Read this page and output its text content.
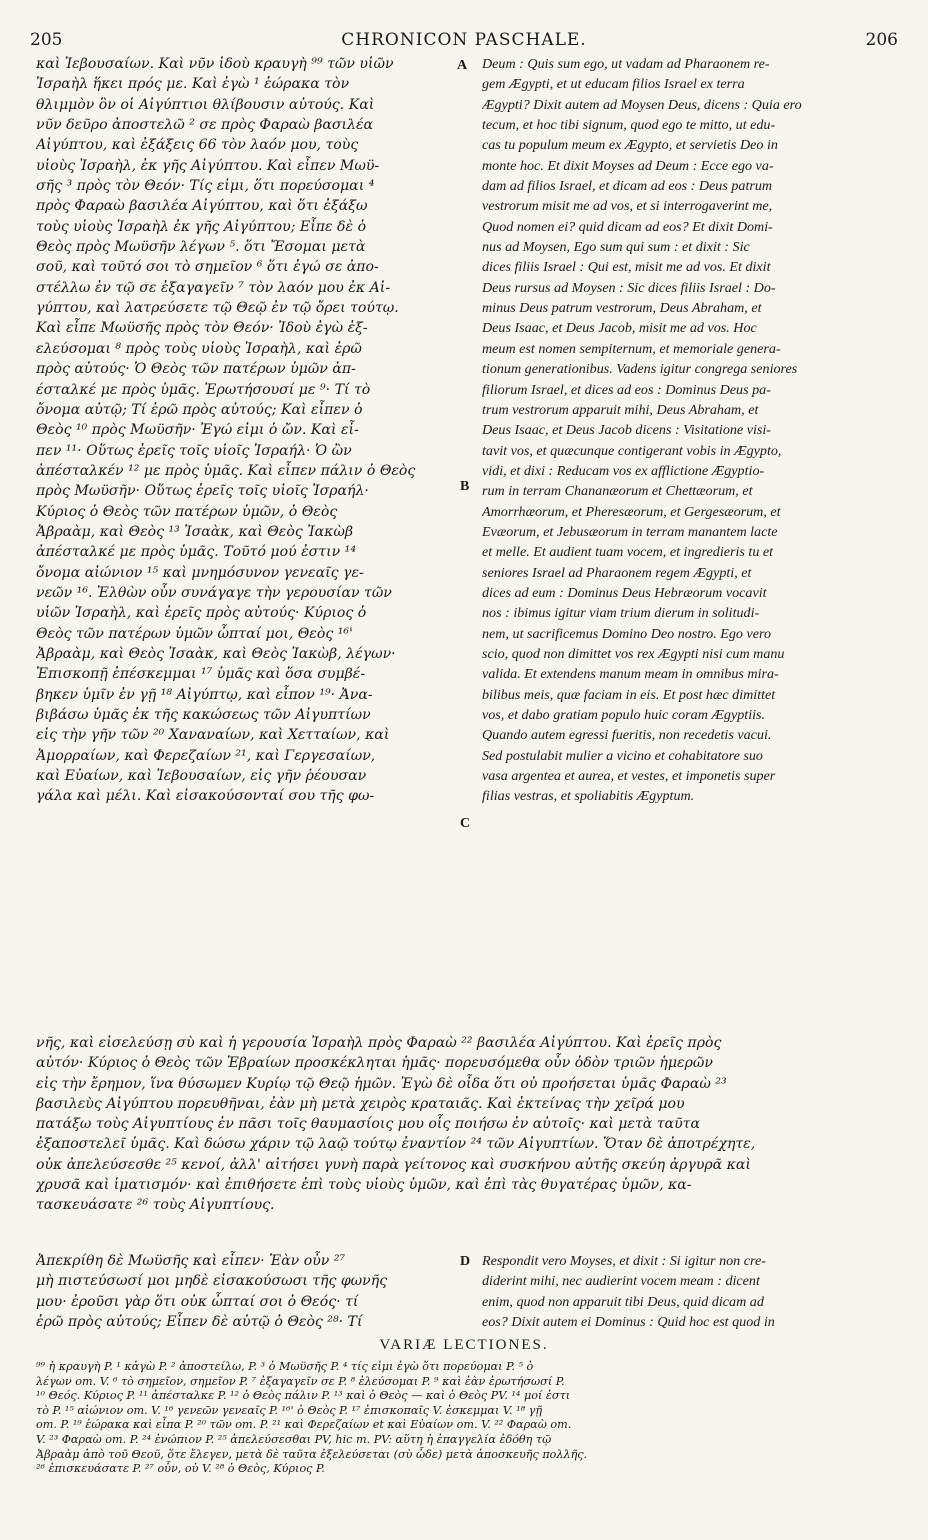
205	CHRONICON PASCHALE.	206
A
B
C
D
καὶ Ἰεβουσαίων. Καὶ νῦν ἰδοὺ κραυγὴ ⁹⁹ τῶν υἱῶν
Ἰσραὴλ ἥκει πρός με. Καὶ ἐγὼ ¹ ἑώρακα τὸν
θλιμμὸν ὃν οἱ Αἰγύπτιοι θλίβουσιν αὐτούς. Καὶ
νῦν δεῦρο ἀποστελῶ ² σε πρὸς Φαραὼ βασιλέα
Αἰγύπτου, καὶ ἐξάξεις 66 τὸν λαόν μου, τοὺς
υἱοὺς Ἰσραὴλ, ἐκ γῆς Αἰγύπτου. Καὶ εἶπεν Μωϋ-
σῆς ³ πρὸς τὸν Θεόν· Τίς εἰμι, ὅτι πορεύσομαι ⁴
πρὸς Φαραὼ βασιλέα Αἰγύπτου, καὶ ὅτι ἐξάξω
τοὺς υἱοὺς Ἰσραὴλ ἐκ γῆς Αἰγύπτου; Εἶπε δὲ ὁ
Θεὸς πρὸς Μωϋσῆν λέγων ⁵. ὅτι Ἔσομαι μετὰ
σοῦ, καὶ τοῦτό σοι τὸ σημεῖον ⁶ ὅτι ἐγώ σε ἀπο-
στέλλω ἐν τῷ σε ἐξαγαγεῖν ⁷ τὸν λαόν μου ἐκ Αἰ-
γύπτου, καὶ λατρεύσετε τῷ Θεῷ ἐν τῷ ὄρει τούτῳ.
Καὶ εἶπε Μωϋσῆς πρὸς τὸν Θεόν· Ἰδοὺ ἐγὼ ἐξ-
ελεύσομαι ⁸ πρὸς τοὺς υἱοὺς Ἰσραὴλ, καὶ ἐρῶ
πρὸς αὐτούς· Ὁ Θεὸς τῶν πατέρων ὑμῶν ἀπ-
έσταλκέ με πρὸς ὑμᾶς. Ἐρωτήσουσί με ⁹· Τί τὸ
ὄνομα αὐτῷ; Τί ἐρῶ πρὸς αὐτούς; Καὶ εἶπεν ὁ
Θεὸς ¹⁰ πρὸς Μωϋσῆν· Ἐγώ εἰμι ὁ ὤν. Καὶ εἶ-
πεν ¹¹· Οὕτως ἐρεῖς τοῖς υἱοῖς Ἰσραήλ· Ὁ ὢν
ἀπέσταλκέν ¹² με πρὸς ὑμᾶς. Καὶ εἶπεν πάλιν ὁ Θεὸς
πρὸς Μωϋσῆν· Οὕτως ἐρεῖς τοῖς υἱοῖς Ἰσραήλ·
Κύριος ὁ Θεὸς τῶν πατέρων ὑμῶν, ὁ Θεὸς
Ἀβραὰμ, καὶ Θεὸς ¹³ Ἰσαὰκ, καὶ Θεὸς Ἰακὼβ
ἀπέσταλκέ με πρὸς ὑμᾶς. Τοῦτό μού ἐστιν ¹⁴
ὄνομα αἰώνιον ¹⁵ καὶ μνημόσυνον γενεαῖς γε-
νεῶν ¹⁶. Ἐλθὼν οὖν συνάγαγε τὴν γερουσίαν τῶν
υἱῶν Ἰσραὴλ, καὶ ἐρεῖς πρὸς αὐτούς· Κύριος ὁ
Θεὸς τῶν πατέρων ὑμῶν ὦπταί μοι, Θεὸς ¹⁶'
Ἀβραὰμ, καὶ Θεὸς Ἰσαὰκ, καὶ Θεὸς Ἰακὼβ, λέγων·
Ἐπισκοπῇ ἐπέσκεμμαι ¹⁷ ὑμᾶς καὶ ὅσα συμβέ-
βηκεν ὑμῖν ἐν γῇ ¹⁸ Αἰγύπτῳ, καὶ εἶπον ¹⁹· Ἀνα-
βιβάσω ὑμᾶς ἐκ τῆς κακώσεως τῶν Αἰγυπτίων
εἰς τὴν γῆν τῶν ²⁰ Χαναναίων, καὶ Χετταίων, καὶ
Ἀμορραίων, καὶ Φερεζαίων ²¹, καὶ Γεργεσαίων,
καὶ Εὐαίων, καὶ Ἰεβουσαίων, εἰς γῆν ῥέουσαν
γάλα καὶ μέλι. Καὶ εἰσακούσονταί σου τῆς φω-
Deum : Quis sum ego, ut vadam ad Pharaonem re-
gem Ægypti, et ut educam filios Israel ex terra
Ægypti? Dixit autem ad Moysen Deus, dicens : Quia ero
tecum, et hoc tibi signum, quod ego te mitto, ut edu-
cas tu populum meum ex Ægypto, et servietis Deo in
monte hoc. Et dixit Moyses ad Deum : Ecce ego va-
dam ad filios Israel, et dicam ad eos : Deus patrum
vestrorum misit me ad vos, et si interrogaverint me,
Quod nomen ei? quid dicam ad eos? Et dixit Domi-
nus ad Moysen, Ego sum qui sum : et dixit : Sic
dices filiis Israel : Qui est, misit me ad vos. Et dixit
Deus rursus ad Moysen : Sic dices filiis Israel : Do-
minus Deus patrum vestrorum, Deus Abraham, et
Deus Isaac, et Deus Jacob, misit me ad vos. Hoc
meum est nomen sempiternum, et memoriale genera-
tionum generationibus. Vadens igitur congrega seniores
filiorum Israel, et dices ad eos : Dominus Deus pa-
trum vestrorum apparuit mihi, Deus Abraham, et
Deus Isaac, et Deus Jacob dicens : Visitatione visi-
tavit vos, et quæcunque contigerant vobis in Ægypto,
vidi, et dixi : Reducam vos ex afflictione Ægyptio-
rum in terram Chananæorum et Chettæorum, et
Amorrhæorum, et Pheresæorum, et Gergesæorum, et
Evæorum, et Jebusæorum in terram manantem lacte
et melle. Et audient tuam vocem, et ingredieris tu et
seniores Israel ad Pharaonem regem Ægypti, et
dices ad eum : Dominus Deus Hebræorum vocavit
nos : ibimus igitur viam trium dierum in solitudi-
nem, ut sacrificemus Domino Deo nostro. Ego vero
scio, quod non dimittet vos rex Ægypti nisi cum manu
valida. Et extendens manum meam in omnibus mira-
bilibus meis, quæ faciam in eis. Et post hæc dimittet
vos, et dabo gratiam populo huic coram Ægyptiis.
Quando autem egressi fueritis, non recedetis vacui.
Sed postulabit mulier a vicino et cohabitatore suo
vasa argentea et aurea, et vestes, et imponetis super
filias vestras, et spoliabitis Ægyptum.
νῆς, καὶ εἰσελεύσῃ σὺ καὶ ἡ γερουσία Ἰσραὴλ πρὸς Φαραὼ ²² βασιλέα Αἰγύπτου. Καὶ ἐρεῖς πρὸς
αὐτόν· Κύριος ὁ Θεὸς τῶν Ἑβραίων προσκέκληται ἡμᾶς· πορευσόμεθα οὖν ὁδὸν τριῶν ἡμερῶν
εἰς τὴν ἔρημον, ἵνα θύσωμεν Κυρίῳ τῷ Θεῷ ἡμῶν. Ἐγὼ δὲ οἶδα ὅτι οὐ προήσεται ὑμᾶς Φαραὼ ²³
βασιλεὺς Αἰγύπτου πορευθῆναι, ἐὰν μὴ μετὰ χειρὸς κραταιᾶς. Καὶ ἐκτείνας τὴν χεῖρά μου
πατάξω τοὺς Αἰγυπτίους ἐν πᾶσι τοῖς θαυμασίοις μου οἷς ποιήσω ἐν αὐτοῖς· καὶ μετὰ ταῦτα
ἐξαποστελεῖ ὑμᾶς. Καὶ δώσω χάριν τῷ λαῷ τούτῳ ἐναντίον ²⁴ τῶν Αἰγυπτίων. Ὅταν δὲ ἀποτρέχητε,
οὐκ ἀπελεύσεσθε ²⁵ κενοί, ἀλλ' αἰτήσει γυνὴ παρὰ γείτονος καὶ συσκήνου αὐτῆς σκεύη ἀργυρᾶ καὶ
χρυσᾶ καὶ ἱματισμόν· καὶ ἐπιθήσετε ἐπὶ τοὺς υἱοὺς ὑμῶν, καὶ ἐπὶ τὰς θυγατέρας ὑμῶν, κα-
τασκευάσατε ²⁶ τοὺς Αἰγυπτίους.
Ἀπεκρίθη δὲ Μωϋσῆς καὶ εἶπεν· Ἐὰν οὖν ²⁷
μὴ πιστεύσωσί μοι μηδὲ εἰσακούσωσι τῆς φωνῆς
μου· ἐροῦσι γὰρ ὅτι οὐκ ὦπταί σοι ὁ Θεός· τί
ἐρῶ πρὸς αὐτούς; Εἶπεν δὲ αὐτῷ ὁ Θεὸς ²⁸· Τί
Respondit vero Moyses, et dixit : Si igitur non cre-
diderint mihi, nec audierint vocem meam : dicent
enim, quod non apparuit tibi Deus, quid dicam ad
eos? Dixit autem ei Dominus : Quid hoc est quod in
VARIÆ LECTIONES.
⁹⁹ ἡ κραυγὴ P. ¹ κἀγὼ P. ² ἀποστείλω, P. ³ ὁ Μωϋσῆς P. ⁴ τίς εἰμι ἐγὼ ὅτι πορεύομαι P. ⁵ ὁ
λέγων om. V. ⁶ τὸ σημεῖον, σημεῖον P. ⁷ ἐξαγαγεῖν σε P. ⁸ ἐλεύσομαι P. ⁹ καὶ ἐὰν ἐρωτήσωσί P.
¹⁰ Θεός. Κύριος P. ¹¹ ἀπέσταλκε P. ¹² ὁ Θεὸς πάλιν P. ¹³ καὶ ὁ Θεὸς — καὶ ὁ Θεὸς PV. ¹⁴ μοί ἐστι
τὸ P. ¹⁵ αἰώνιον om. V. ¹⁶ γενεῶν γενεαῖς P. ¹⁶' ὁ Θεὸς P. ¹⁷ ἐπισκοπαῖς V. ἐσκεμμαι V. ¹⁸ γῇ
om. P. ¹⁹ ἑώρακα καὶ εἶπα P. ²⁰ τῶν om. P. ²¹ καὶ Φερεζαίων et καὶ Εὐαίων om. V. ²² Φαραὼ om.
V. ²³ Φαραὼ om. P. ²⁴ ἐνώπιον P. ²⁵ ἀπελεύσεσθαι PV, hic m. PV: αὕτη ἡ ἐπαγγελία ἐδόθη τῷ
Ἀβραὰμ ἀπὸ τοῦ Θεοῦ, ὅτε ἔλεγεν, μετὰ δὲ ταῦτα ἐξελεύσεται (σὺ ὧδε) μετὰ ἀποσκευῆς πολλῆς.
²⁶ ἐπισκευάσατε P. ²⁷ οὖν, οὐ V. ²⁸ ὁ Θεὸς, Κύριος P.
